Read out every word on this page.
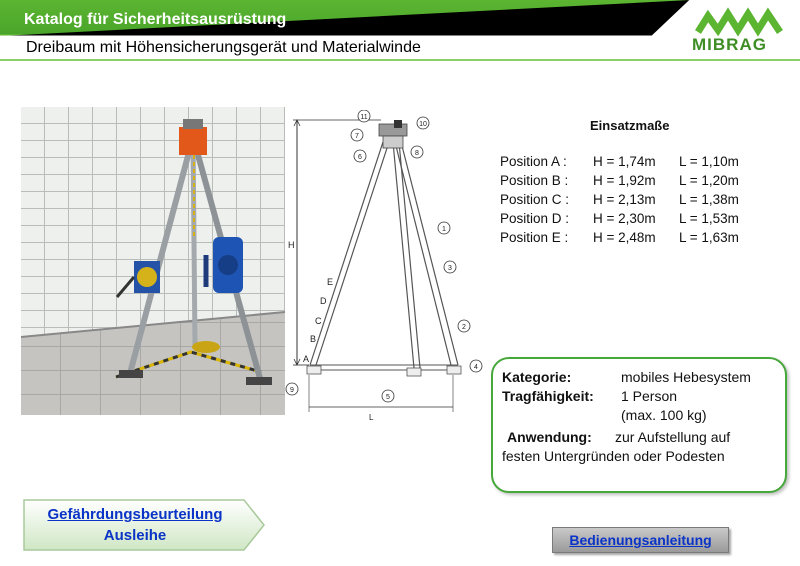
Katalog für Sicherheitsausrüstung
Dreibaum mit Höhensicherungsgerät und Materialwinde	MIBRAG
H
L
A
B
C
D
E
1
2
3
4
5
6
7
8
9
10
11
Einsatzmaße
Position A :	H = 1,74m	L = 1,10m
Position B :	H = 1,92m	L = 1,20m
Position C :	H = 2,13m	L = 1,38m
Position D :	H = 2,30m	L = 1,53m
Position E :	H = 2,48m	L = 1,63m
Kategorie:	mobiles Hebesystem
Tragfähigkeit: 1 Person
(max. 100 kg)
Anwendung: zur Aufstellung auf
festen Untergründen oder Podesten
Gefährdungsbeurteilung
Ausleihe	Bedienungsanleitung
